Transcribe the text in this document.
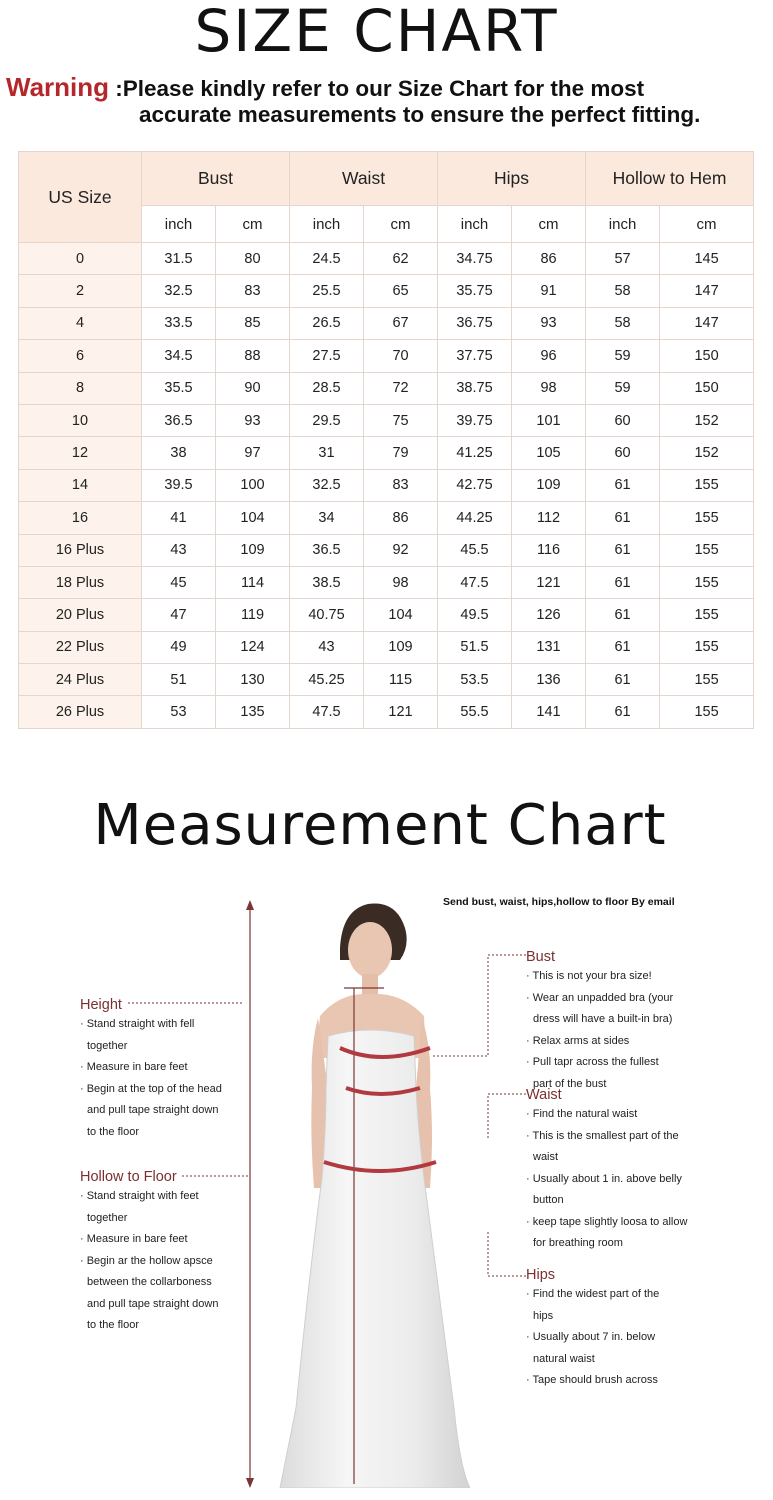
SIZE CHART
Warning :Please kindly refer to our Size Chart for the most
accurate measurements to ensure the perfect fitting.
US Size	Bust		Waist		Hips		Hollow to Hem	
	inch	cm	inch	cm	inch	cm	inch	cm
0	31.5	80	24.5	62	34.75	86	57	145
2	32.5	83	25.5	65	35.75	91	58	147
4	33.5	85	26.5	67	36.75	93	58	147
6	34.5	88	27.5	70	37.75	96	59	150
8	35.5	90	28.5	72	38.75	98	59	150
10	36.5	93	29.5	75	39.75	101	60	152
12	38	97	31	79	41.25	105	60	152
14	39.5	100	32.5	83	42.75	109	61	155
16	41	104	34	86	44.25	112	61	155
16 Plus	43	109	36.5	92	45.5	116	61	155
18 Plus	45	114	38.5	98	47.5	121	61	155
20 Plus	47	119	40.75	104	49.5	126	61	155
22 Plus	49	124	43	109	51.5	131	61	155
24 Plus	51	130	45.25	115	53.5	136	61	155
26 Plus	53	135	47.5	121	55.5	141	61	155
Measurement Chart
Send bust, waist, hips,hollow to floor By email
Height
· Stand straight with fell
together
· Measure in bare feet
· Begin at the top of the head
and pull tape straight down
to the floor
Hollow to Floor
· Stand straight with feet
together
· Measure in bare feet
· Begin ar the hollow apsce
between the collarboness
and pull tape straight down
to the floor
Bust
· This is not your bra size!
· Wear an unpadded bra (your
dress will have a built-in bra)
· Relax arms at sides
· Pull tapr across the fullest
part of the bust
Waist
· Find the natural waist
· This is the smallest part of the
waist
· Usually about 1 in. above belly
button
· keep tape slightly loosa to allow
for breathing room
Hips
· Find the widest part of the
hips
· Usually about 7 in. below
natural waist
· Tape should brush across
